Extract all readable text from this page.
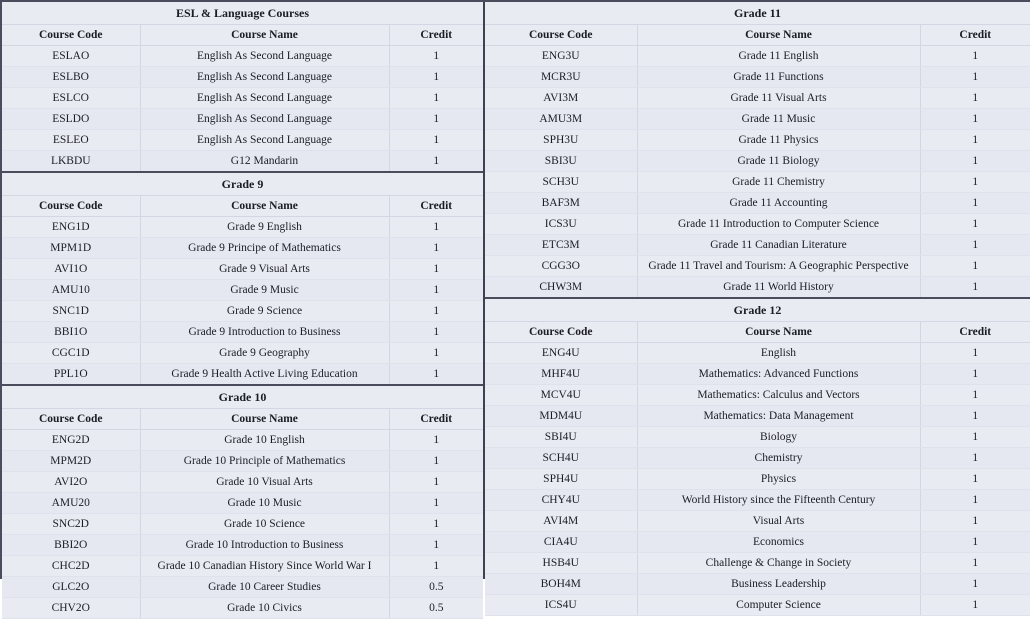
ESL & Language Courses		
Course Code	Course Name	Credit
ESLAO	English As Second Language	1
ESLBO	English As Second Language	1
ESLCO	English As Second Language	1
ESLDO	English As Second Language	1
ESLEO	English As Second Language	1
LKBDU	G12 Mandarin	1
Grade 9		
Course Code	Course Name	Credit
ENG1D	Grade 9 English	1
MPM1D	Grade 9 Principe of Mathematics	1
AVI1O	Grade 9 Visual Arts	1
AMU10	Grade 9 Music	1
SNC1D	Grade 9 Science	1
BBI1O	Grade 9 Introduction to Business	1
CGC1D	Grade 9 Geography	1
PPL1O	Grade 9 Health Active Living Education	1
Grade 10		
Course Code	Course Name	Credit
ENG2D	Grade 10 English	1
MPM2D	Grade 10 Principle of Mathematics	1
AVI2O	Grade 10 Visual Arts	1
AMU20	Grade 10 Music	1
SNC2D	Grade 10 Science	1
BBI2O	Grade 10 Introduction to Business	1
CHC2D	Grade 10 Canadian History Since World War I	1
GLC2O	Grade 10 Career Studies	0.5
CHV2O	Grade 10 Civics	0.5
Grade 11		
Course Code	Course Name	Credit
ENG3U	Grade 11 English	1
MCR3U	Grade 11 Functions	1
AVI3M	Grade 11 Visual Arts	1
AMU3M	Grade 11 Music	1
SPH3U	Grade 11 Physics	1
SBI3U	Grade 11 Biology	1
SCH3U	Grade 11 Chemistry	1
BAF3M	Grade 11 Accounting	1
ICS3U	Grade 11 Introduction to Computer Science	1
ETC3M	Grade 11 Canadian Literature	1
CGG3O	Grade 11 Travel and Tourism: A Geographic Perspective	1
CHW3M	Grade 11 World History	1
Grade 12		
Course Code	Course Name	Credit
ENG4U	English	1
MHF4U	Mathematics: Advanced Functions	1
MCV4U	Mathematics: Calculus and Vectors	1
MDM4U	Mathematics: Data Management	1
SBI4U	Biology	1
SCH4U	Chemistry	1
SPH4U	Physics	1
CHY4U	World History since the Fifteenth Century	1
AVI4M	Visual Arts	1
CIA4U	Economics	1
HSB4U	Challenge & Change in Society	1
BOH4M	Business Leadership	1
ICS4U	Computer Science	1
